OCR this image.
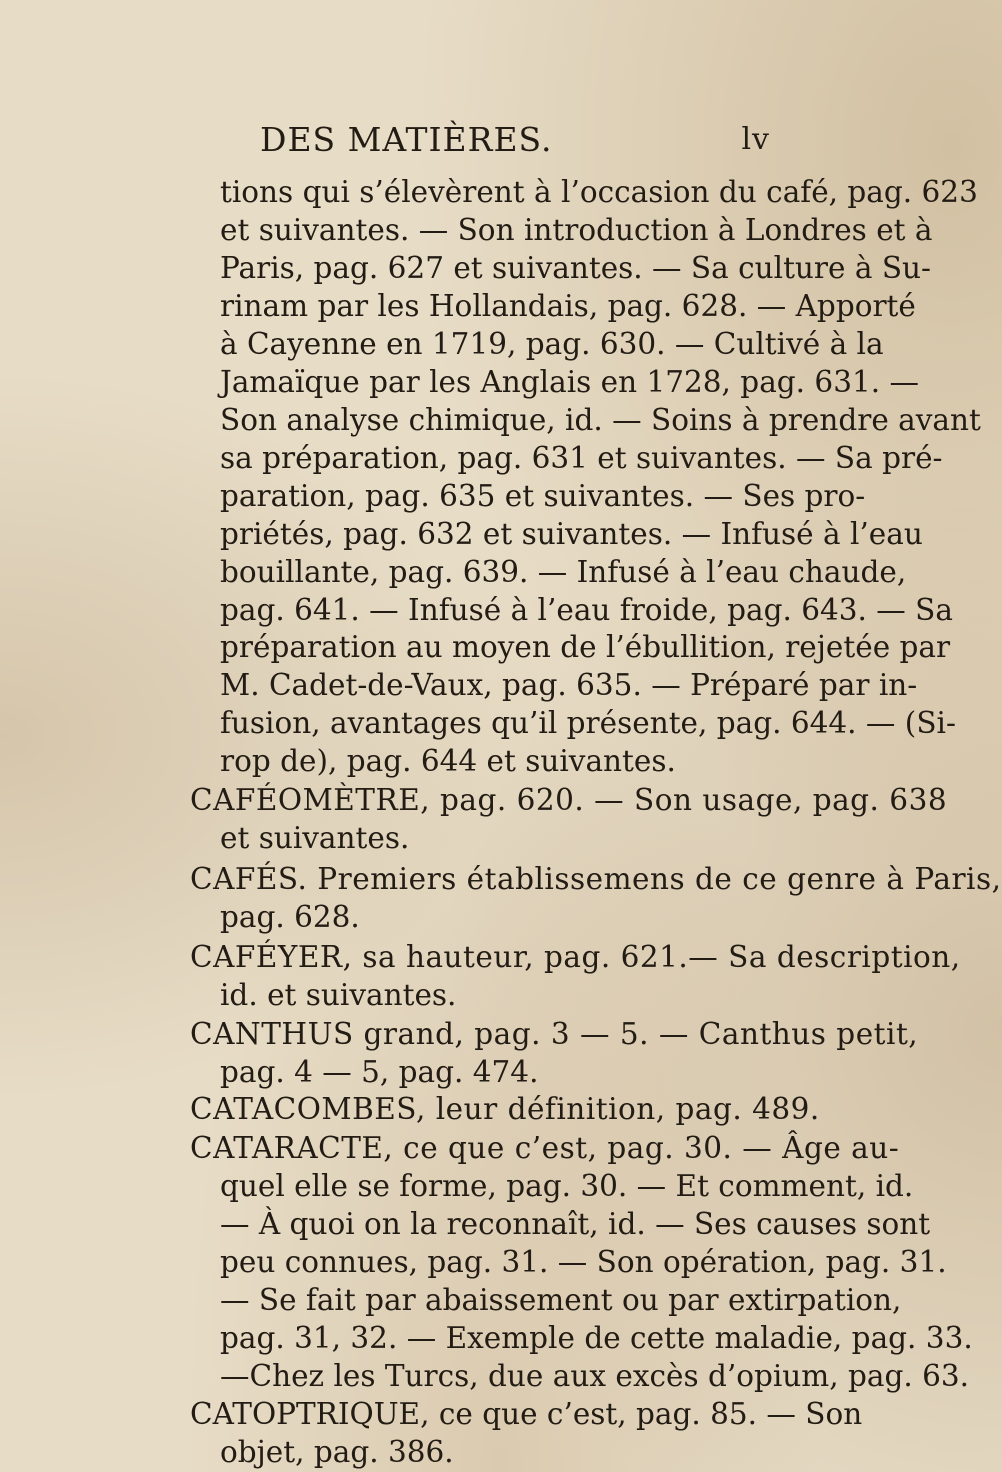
DES MATIÈRES.	lv
tions qui s’élevèrent à l’occasion du café, pag. 623
et suivantes. — Son introduction à Londres et à
Paris, pag. 627 et suivantes. — Sa culture à Su-
rinam par les Hollandais, pag. 628. — Apporté
à Cayenne en 1719, pag. 630. — Cultivé à la
Jamaïque par les Anglais en 1728, pag. 631. —
Son analyse chimique, id. — Soins à prendre avant
sa préparation, pag. 631 et suivantes. — Sa pré-
paration, pag. 635 et suivantes. — Ses pro-
priétés, pag. 632 et suivantes. — Infusé à l’eau
bouillante, pag. 639. — Infusé à l’eau chaude,
pag. 641. — Infusé à l’eau froide, pag. 643. — Sa
préparation au moyen de l’ébullition, rejetée par
M. Cadet-de-Vaux, pag. 635. — Préparé par in-
fusion, avantages qu’il présente, pag. 644. — (Si-
rop de), pag. 644 et suivantes.
CAFÉOMÈTRE, pag. 620. — Son usage, pag. 638
et suivantes.
CAFÉS. Premiers établissemens de ce genre à Paris,
pag. 628.
CAFÉYER, sa hauteur, pag. 621.— Sa description,
id. et suivantes.
CANTHUS grand, pag. 3 — 5. — Canthus petit,
pag. 4 — 5, pag. 474.
CATACOMBES, leur définition, pag. 489.
CATARACTE, ce que c’est, pag. 30. — Âge au-
quel elle se forme, pag. 30. — Et comment, id.
— À quoi on la reconnaît, id. — Ses causes sont
peu connues, pag. 31. — Son opération, pag. 31.
— Se fait par abaissement ou par extirpation,
pag. 31, 32. — Exemple de cette maladie, pag. 33.
—Chez les Turcs, due aux excès d’opium, pag. 63.
CATOPTRIQUE, ce que c’est, pag. 85. — Son
objet, pag. 386.
